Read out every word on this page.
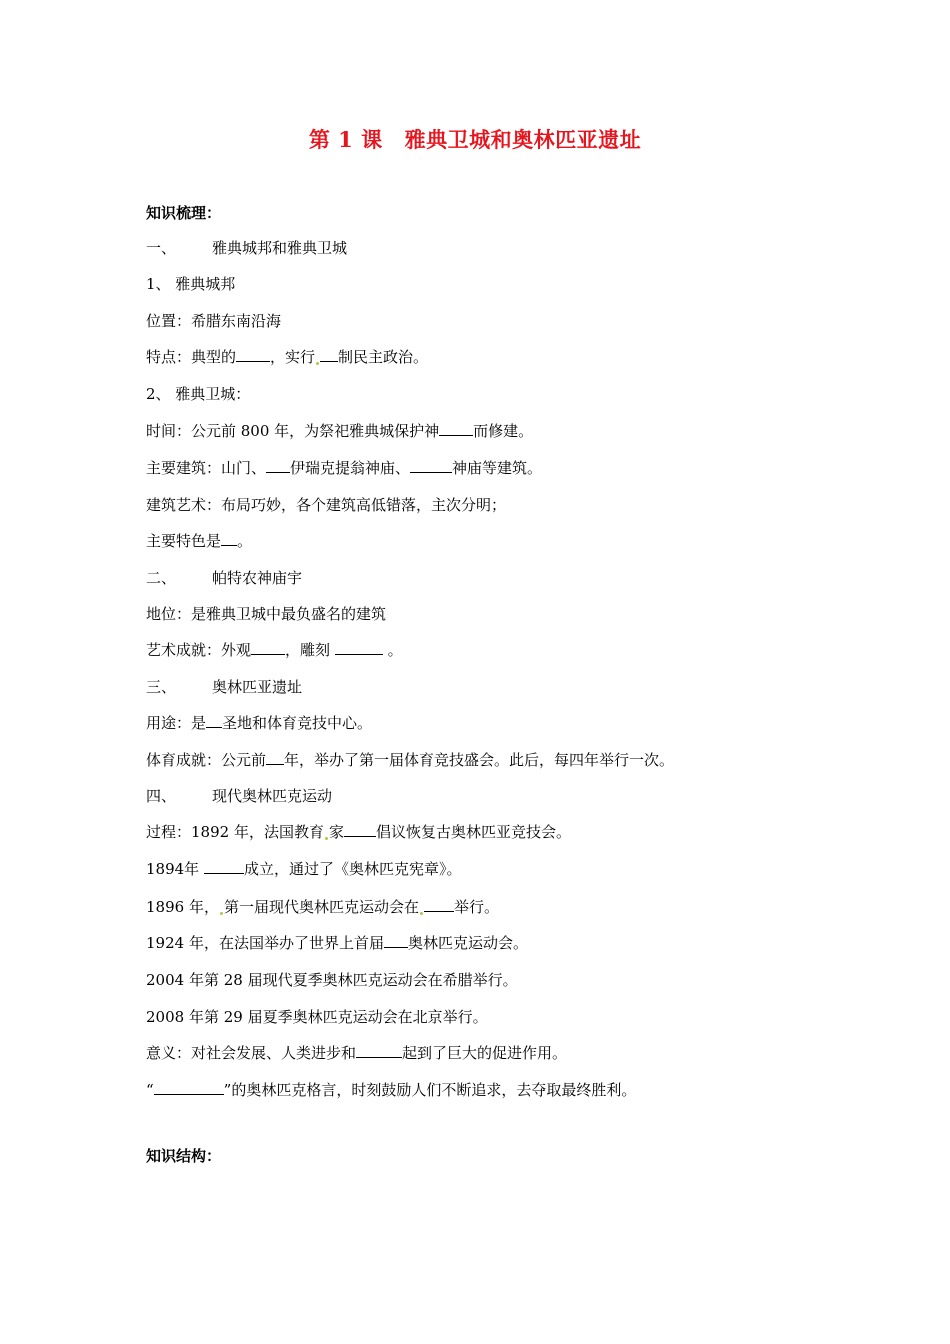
第 1 课 雅典卫城和奥林匹亚遗址
知识梳理：
一、 雅典城邦和雅典卫城
1、 雅典城邦
位置：希腊东南沿海
特点：典型的 ，实行 制民主政治。
2、 雅典卫城：
时间：公元前 800 年，为祭祀雅典城保护神 而修建。
主要建筑：山门、 伊瑞克提翁神庙、	神庙等建筑。
建筑艺术：布局巧妙，各个建筑高低错落，主次分明；
主要特色是 。
二、 帕特农神庙宇
地位：是雅典卫城中最负盛名的建筑
艺术成就：外观 ，雕刻	。
三、 奥林匹亚遗址
用途：是 圣地和体育竞技中心。
体育成就：公元前 年，举办了第一届体育竞技盛会。此后，每四年举行一次。
四、 现代奥林匹克运动
过程：1892 年，法国教育 家 倡议恢复古奥林匹亚竞技会。
1894年	成立，通过了《奥林匹克宪章》。
1896 年， 第一届现代奥林匹克运动会在 举行。
1924 年，在法国举办了世界上首届 奥林匹克运动会。
2004 年第 28 届现代夏季奥林匹克运动会在希腊举行。
2008 年第 29 届夏季奥林匹克运动会在北京举行。
意义：对社会发展、人类进步和	起到了巨大的促进作用。
“	”的奥林匹克格言，时刻鼓励人们不断追求，去夺取最终胜利。
知识结构：
